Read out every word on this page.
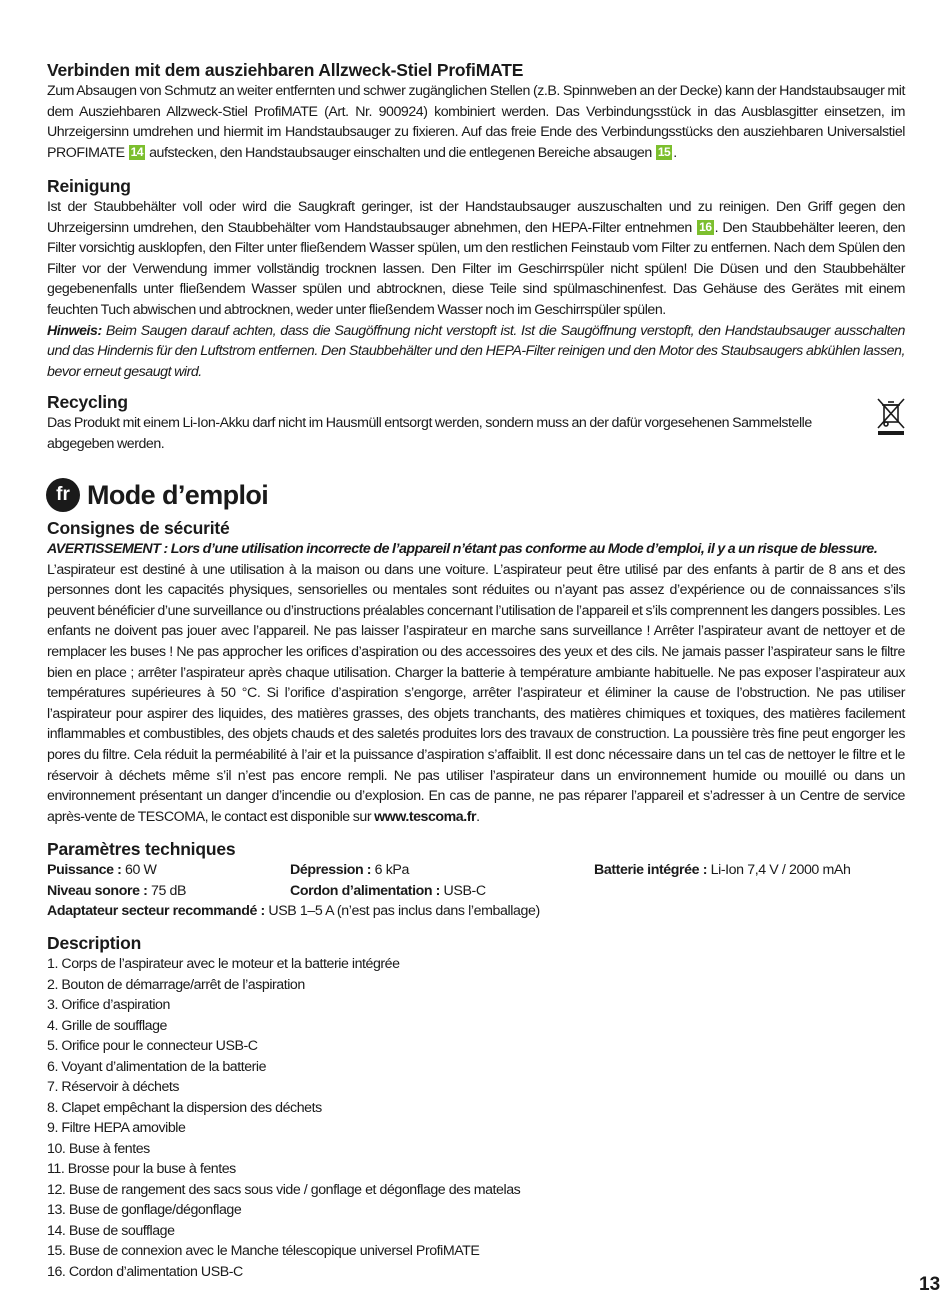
Verbinden mit dem ausziehbaren Allzweck-Stiel ProfiMATE

Zum Absaugen von Schmutz an weiter entfernten und schwer zugänglichen Stellen (z.B. Spinnweben an der Decke) kann der Handstaubsauger mit dem Ausziehbaren Allzweck-Stiel ProfiMATE (Art. Nr. 900924) kombiniert werden. Das Verbindungsstück in das Ausblasgitter einsetzen, im Uhrzeigersinn umdrehen und hiermit im Handstaubsauger zu fixieren. Auf das freie Ende des Verbindungsstücks den ausziehbaren Universalstiel PROFIMATE 14 aufstecken, den Handstaubsauger einschalten und die entlegenen Bereiche absaugen 15 .

Reinigung

Ist der Staubbehälter voll oder wird die Saugkraft geringer, ist der Handstaubsauger auszuschalten und zu reinigen. Den Griff gegen den Uhrzeigersinn umdrehen, den Staubbehälter vom Handstaubsauger abnehmen, den HEPA-Filter entnehmen 16 . Den Staubbehälter leeren, den Filter vorsichtig ausklopfen, den Filter unter fließendem Wasser spülen, um den restlichen Feinstaub vom Filter zu entfernen. Nach dem Spülen den Filter vor der Verwendung immer vollständig trocknen lassen. Den Filter im Geschirrspüler nicht spülen! Die Düsen und den Staubbehälter gegebenenfalls unter fließendem Wasser spülen und abtrocknen, diese Teile sind spülmaschinenfest. Das Gehäuse des Gerätes mit einem feuchten Tuch abwischen und abtrocknen, weder unter fließendem Wasser noch im Geschirrspüler spülen.

Hinweis: Beim Saugen darauf achten, dass die Saugöffnung nicht verstopft ist. Ist die Saugöffnung verstopft, den Handstaubsauger ausschalten und das Hindernis für den Luftstrom entfernen. Den Staubbehälter und den HEPA-Filter reinigen und den Motor des Staubsaugers abkühlen lassen, bevor erneut gesaugt wird.

Recycling

Das Produkt mit einem Li-Ion-Akku darf nicht im Hausmüll entsorgt werden, sondern muss an der dafür vorgesehenen Sammelstelle abgegeben werden.

fr Mode d’emploi
Consignes de sécurité

AVERTISSEMENT : Lors d’une utilisation incorrecte de l’appareil n’étant pas conforme au Mode d’emploi, il y a un risque de blessure.

L’aspirateur est destiné à une utilisation à la maison ou dans une voiture. L’aspirateur peut être utilisé par des enfants à partir de 8 ans et des personnes dont les capacités physiques, sensorielles ou mentales sont réduites ou n’ayant pas assez d’expérience ou de connaissances s’ils peuvent bénéficier d’une surveillance ou d’instructions préalables concernant l’utilisation de l’appareil et s’ils comprennent les dangers possibles. Les enfants ne doivent pas jouer avec l’appareil. Ne pas laisser l’aspirateur en marche sans surveillance ! Arrêter l’aspirateur avant de nettoyer et de remplacer les buses ! Ne pas approcher les orifices d’aspiration ou des accessoires des yeux et des cils. Ne jamais passer l’aspirateur sans le filtre bien en place ; arrêter l’aspirateur après chaque utilisation. Charger la batterie à température ambiante habituelle. Ne pas exposer l’aspirateur aux températures supérieures à 50 °C. Si l’orifice d’aspiration s’engorge, arrêter l’aspirateur et éliminer la cause de l’obstruction. Ne pas utiliser l’aspirateur pour aspirer des liquides, des matières grasses, des objets tranchants, des matières chimiques et toxiques, des matières facilement inflammables et combustibles, des objets chauds et des saletés produites lors des travaux de construction. La poussière très fine peut engorger les pores du filtre. Cela réduit la perméabilité à l’air et la puissance d’aspiration s’affaiblit. Il est donc nécessaire dans un tel cas de nettoyer le filtre et le réservoir à déchets même s’il n’est pas encore rempli. Ne pas utiliser l’aspirateur dans un environnement humide ou mouillé ou dans un environnement présentant un danger d’incendie ou d’explosion. En cas de panne, ne pas réparer l’appareil et s’adresser à un Centre de service après-vente de TESCOMA, le contact est disponible sur www.tescoma.fr.

Paramètres techniques
Puissance : 60 W	Dépression : 6 kPa	Batterie intégrée : Li-Ion 7,4 V / 2000 mAh
Niveau sonore : 75 dB	Cordon d’alimentation : USB-C
Adaptateur secteur recommandé : USB 1–5 A (n’est pas inclus dans l’emballage)
Description
1. Corps de l’aspirateur avec le moteur et la batterie intégrée
2. Bouton de démarrage/arrêt de l’aspiration
3. Orifice d’aspiration
4. Grille de soufflage
5. Orifice pour le connecteur USB-C
6. Voyant d’alimentation de la batterie
7. Réservoir à déchets
8. Clapet empêchant la dispersion des déchets
9. Filtre HEPA amovible
10. Buse à fentes
11. Brosse pour la buse à fentes
12. Buse de rangement des sacs sous vide / gonflage et dégonflage des matelas
13. Buse de gonflage/dégonflage
14. Buse de soufflage
15. Buse de connexion avec le Manche télescopique universel ProfiMATE
16. Cordon d’alimentation USB-C
13
